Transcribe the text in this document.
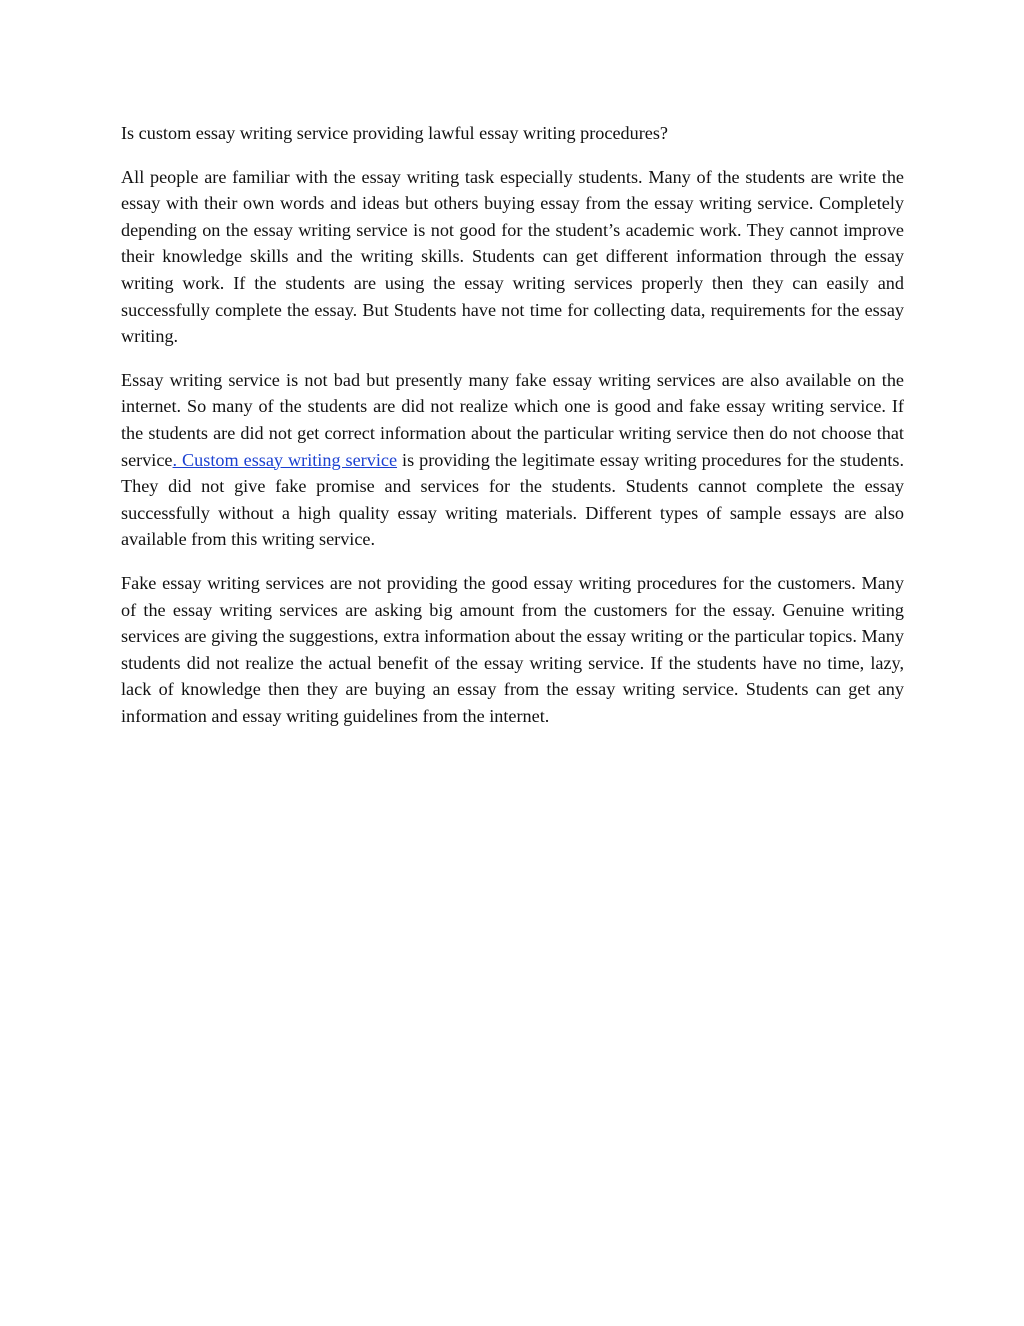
Is custom essay writing service providing lawful essay writing procedures?

All people are familiar with the essay writing task especially students. Many of the students are write the essay with their own words and ideas but others buying essay from the essay writing service. Completely depending on the essay writing service is not good for the student’s academic work. They cannot improve their knowledge skills and the writing skills. Students can get different information through the essay writing work. If the students are using the essay writing services properly then they can easily and successfully complete the essay. But Students have not time for collecting data, requirements for the essay writing.

Essay writing service is not bad but presently many fake essay writing services are also available on the internet. So many of the students are did not realize which one is good and fake essay writing service. If the students are did not get correct information about the particular writing service then do not choose that service. Custom essay writing service is providing the legitimate essay writing procedures for the students. They did not give fake promise and services for the students. Students cannot complete the essay successfully without a high quality essay writing materials. Different types of sample essays are also available from this writing service.

Fake essay writing services are not providing the good essay writing procedures for the customers. Many of the essay writing services are asking big amount from the customers for the essay. Genuine writing services are giving the suggestions, extra information about the essay writing or the particular topics. Many students did not realize the actual benefit of the essay writing service. If the students have no time, lazy, lack of knowledge then they are buying an essay from the essay writing service. Students can get any information and essay writing guidelines from the internet.
